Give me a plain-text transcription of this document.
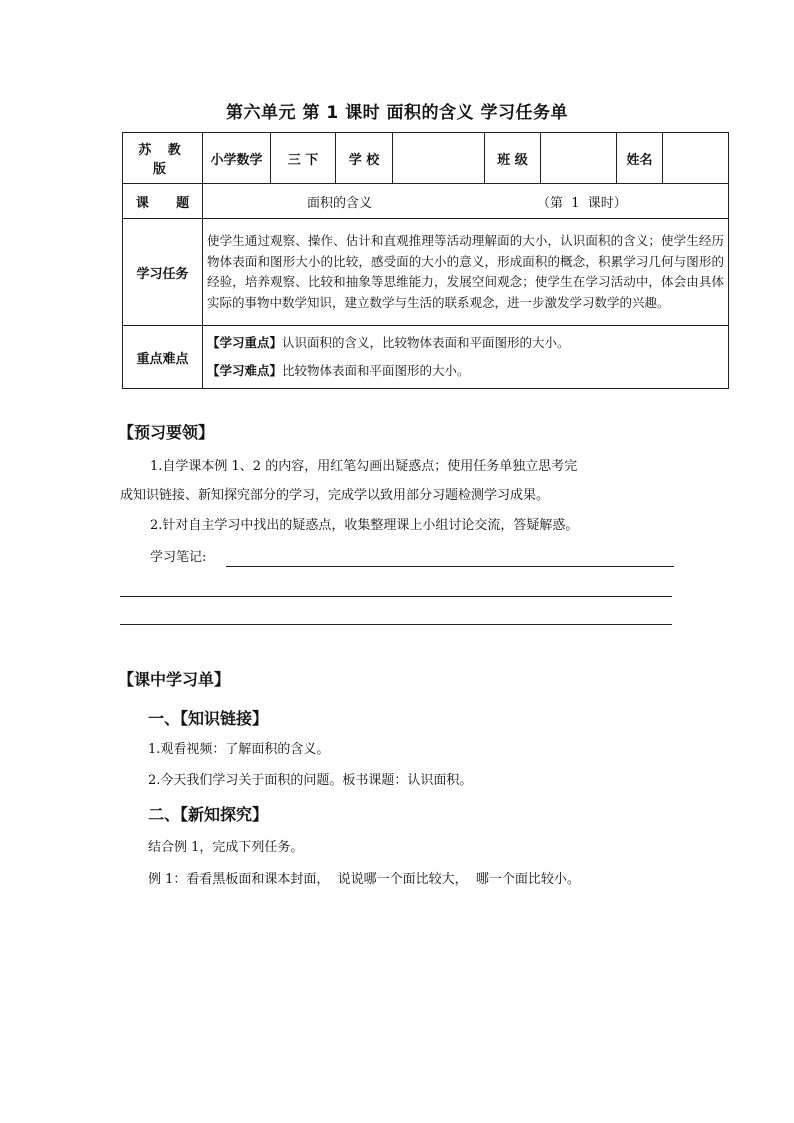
第六单元 第 1 课时 面积的含义 学习任务单
苏 教 版	小学数学	三 下	学 校		班 级		姓名	
课      题	面积的含义 （第  1  课时）							
学习任务	使学生通过观察、操作、估计和直观推理等活动理解面的大小，认识面积的含义；使学生经历物体表面和图形大小的比较，感受面的大小的意义，形成面积的概念，积累学习几何与图形的经验，培养观察、比较和抽象等思维能力，发展空间观念；使学生在学习活动中，体会由具体实际的事物中数学知识，建立数学与生活的联系观念，进一步激发学习数学的兴趣。							
重点难点	【学习重点】认识面积的含义，比较物体表面和平面图形的大小。
【学习难点】比较物体表面和平面图形的大小。							
【预习要领】
1.自学课本例 1、2 的内容，用红笔勾画出疑惑点；使用任务单独立思考完
成知识链接、新知探究部分的学习，完成学以致用部分习题检测学习成果。
2.针对自主学习中找出的疑惑点，收集整理课上小组讨论交流，答疑解惑。
学习笔记:
【课中学习单】
一、【知识链接】
1.观看视频：了解面积的含义。
2.今天我们学习关于面积的问题。板书课题：认识面积。
二、【新知探究】
结合例 1，完成下列任务。
例 1：看看黑板面和课本封面，  说说哪一个面比较大，  哪一个面比较小。
